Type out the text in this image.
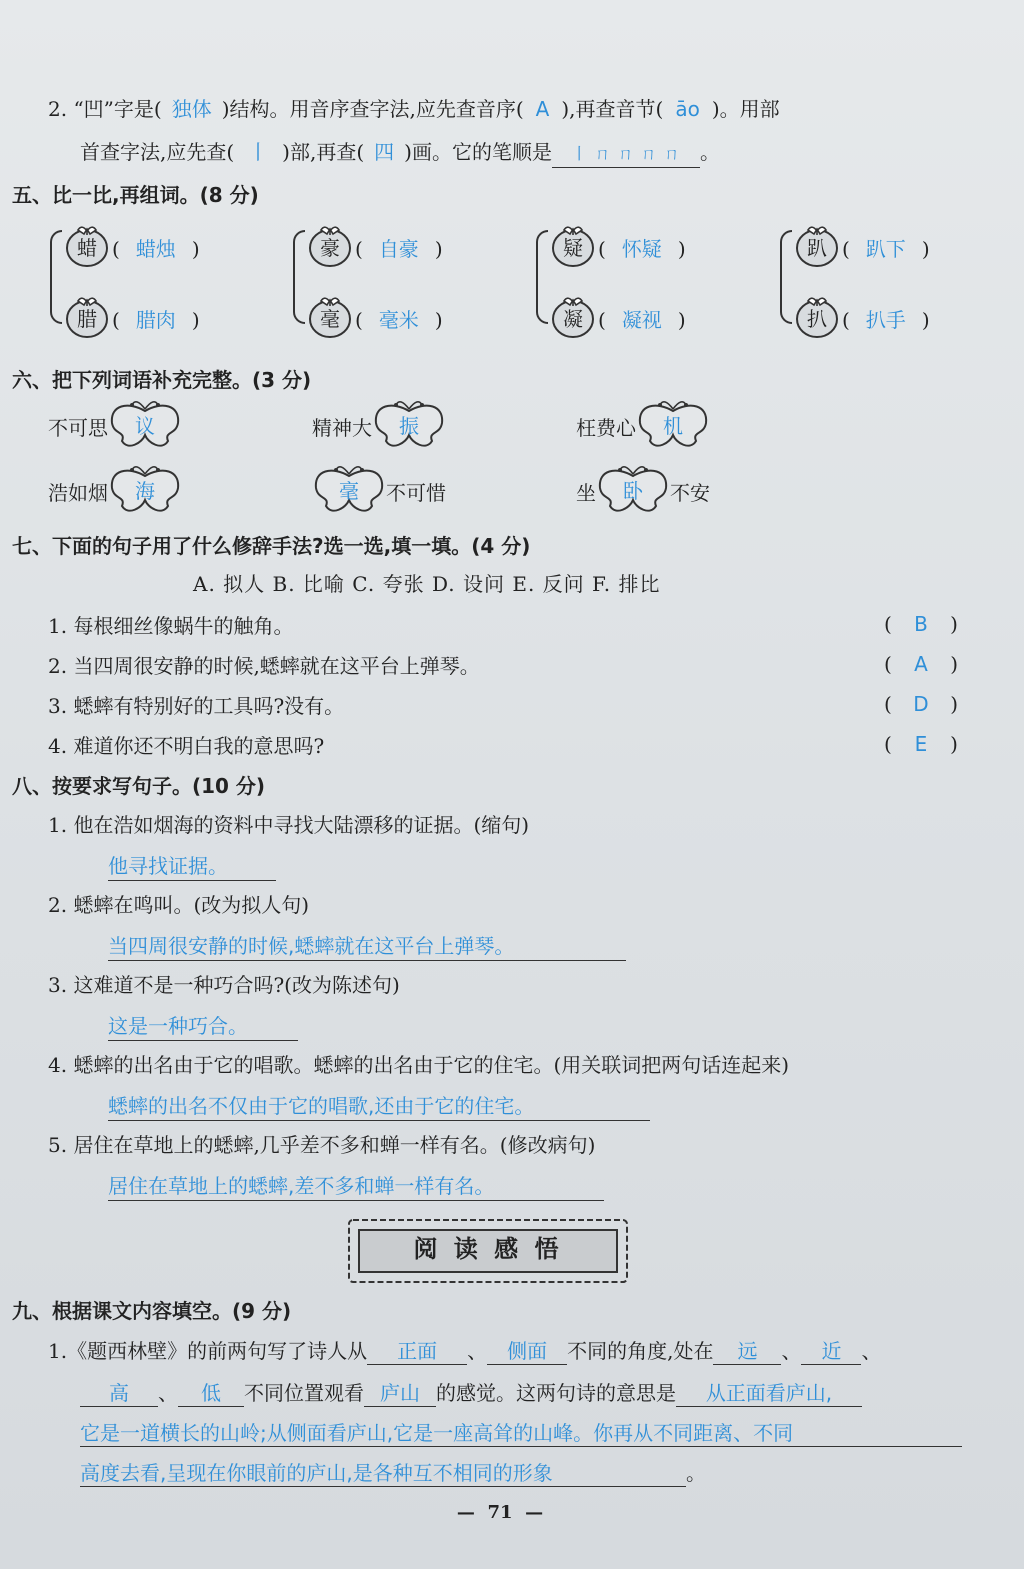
2. “凹”字是( 独体 )结构。用音序查字法,应先查音序( A ),再查音节( āo )。用部
首查字法,应先查( 丨 )部,再查( 四 )画。它的笔顺是 丨 ㄇ ㄇ ㄇ ㄇ 。
五、比一比,再组词。(8 分)
蜡 ( 蜡烛 )
腊 ( 腊肉 )
豪 ( 自豪 )
毫 ( 毫米 )
疑 ( 怀疑 )
凝 ( 凝视 )
趴 ( 趴下 )
扒 ( 扒手 )
六、把下列词语补充完整。(3 分)
不可思	议	精神大	振	枉费心	机
浩如烟	海	毫	不可惜	坐	卧	不安
七、下面的句子用了什么修辞手法?选一选,填一填。(4 分)
A. 拟人 B. 比喻 C. 夸张 D. 设问 E. 反问 F. 排比
1. 每根细丝像蜗牛的触角。	( B )
2. 当四周很安静的时候,蟋蟀就在这平台上弹琴。	( A )
3. 蟋蟀有特别好的工具吗?没有。	( D )
4. 难道你还不明白我的意思吗?	( E )
八、按要求写句子。(10 分)
1. 他在浩如烟海的资料中寻找大陆漂移的证据。(缩句)
他寻找证据。
2. 蟋蟀在鸣叫。(改为拟人句)
当四周很安静的时候,蟋蟀就在这平台上弹琴。
3. 这难道不是一种巧合吗?(改为陈述句)
这是一种巧合。
4. 蟋蟀的出名由于它的唱歌。蟋蟀的出名由于它的住宅。(用关联词把两句话连起来)
蟋蟀的出名不仅由于它的唱歌,还由于它的住宅。
5. 居住在草地上的蟋蟀,几乎差不多和蝉一样有名。(修改病句)
居住在草地上的蟋蟀,差不多和蝉一样有名。
阅 读 感 悟
九、根据课文内容填空。(9 分)
1.《题西林壁》的前两句写了诗人从 正面 、 侧面 不同的角度,处在 远 、 近 、
高 、 低 不同位置观看 庐山 的感觉。这两句诗的意思是 从正面看庐山,
它是一道横长的山岭;从侧面看庐山,它是一座高耸的山峰。你再从不同距离、不同
高度去看,呈现在你眼前的庐山,是各种互不相同的形象	。
— 71 —
